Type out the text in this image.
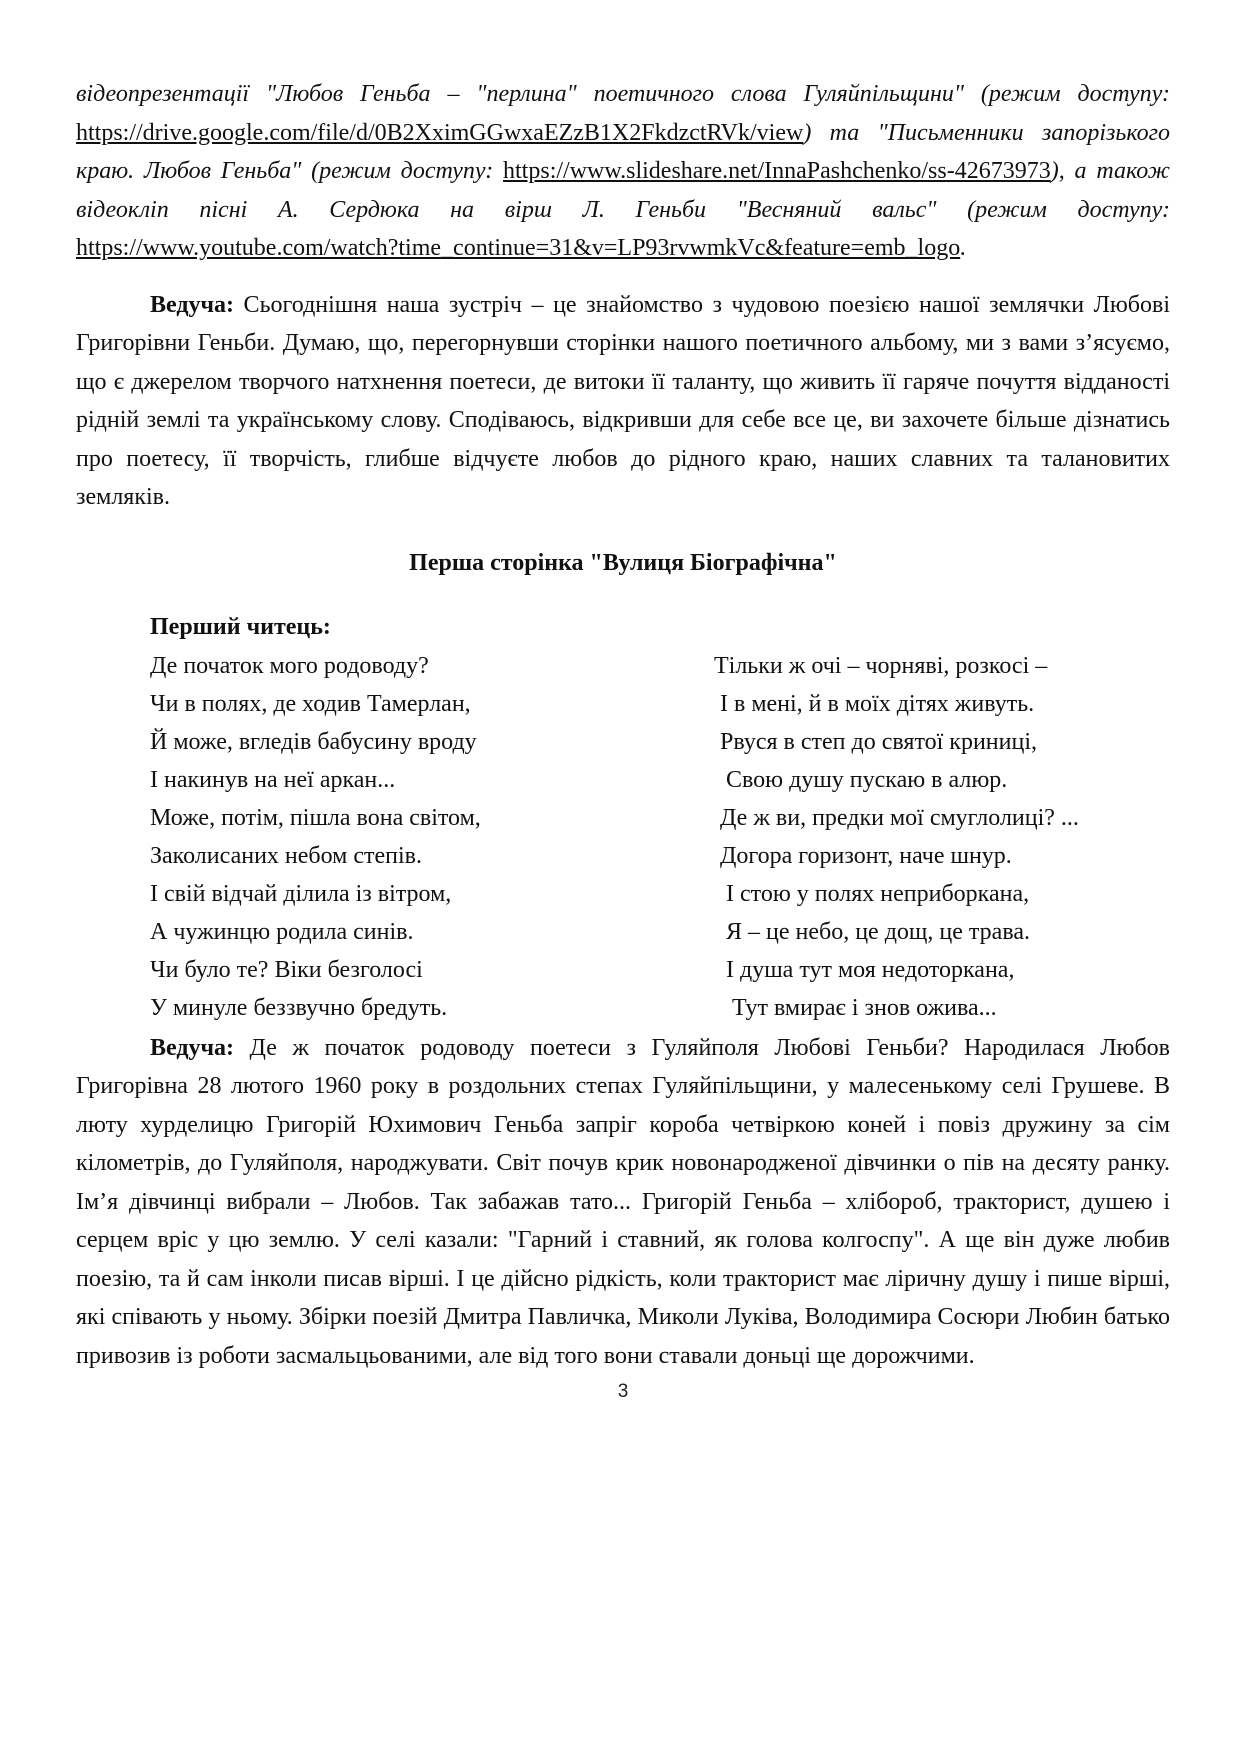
відеопрезентації "Любов Геньба – "перлина" поетичного слова Гуляйпільщини" (режим доступу: https://drive.google.com/file/d/0B2XximGGwxaEZzB1X2FkdzctRVk/view) та "Письменники запорізького краю. Любов Геньба" (режим доступу: https://www.slideshare.net/InnaPashchenko/ss-42673973), а також відеокліп пісні А. Сердюка на вірш Л. Геньби "Весняний вальс" (режим доступу: https://www.youtube.com/watch?time_continue=31&v=LP93rvwmkVc&feature=emb_logo.

Ведуча: Сьогоднішня наша зустріч – це знайомство з чудовою поезією нашої землячки Любові Григорівни Геньби. Думаю, що, перегорнувши сторінки нашого поетичного альбому, ми з вами з’ясуємо, що є джерелом творчого натхнення поетеси, де витоки її таланту, що живить її гаряче почуття відданості рідній землі та українському слову. Сподіваюсь, відкривши для себе все це, ви захочете більше дізнатись про поетесу, її творчість, глибше відчуєте любов до рідного краю, наших славних та талановитих земляків.

Перша сторінка "Вулиця Біографічна"
Перший читець:
Де початок мого родоводу?
Чи в полях, де ходив Тамерлан,
Й може, вгледів бабусину вроду
І накинув на неї аркан...
Може, потім, пішла вона світом,
Заколисаних небом степів.
І свій відчай ділила із вітром,
А чужинцю родила синів.
Чи було те? Віки безголосі
У минуле беззвучно бредуть.
Тільки ж очі – чорняві, розкосі –
І в мені, й в моїх дітях живуть.
Рвуся в степ до святої криниці,
Свою душу пускаю в алюр.
Де ж ви, предки мої смуглолиці? ...
Догора горизонт, наче шнур.
І стою у полях неприборкана,
Я – це небо, це дощ, це трава.
І душа тут моя недоторкана,
Тут вмирає і знов ожива...

Ведуча: Де ж початок родоводу поетеси з Гуляйполя Любові Геньби? Народилася Любов Григорівна 28 лютого 1960 року в роздольних степах Гуляйпільщини, у малесенькому селі Грушеве. В люту хурделицю Григорій Юхимович Геньба запріг короба четвіркою коней і повіз дружину за сім кілометрів, до Гуляйполя, народжувати. Світ почув крик новонародженої дівчинки о пів на десяту ранку. Ім’я дівчинці вибрали – Любов. Так забажав тато... Григорій Геньба – хлібороб, тракторист, душею і серцем вріс у цю землю. У селі казали: "Гарний і ставний, як голова колгоспу". А ще він дуже любив поезію, та й сам інколи писав вірші. І це дійсно рідкість, коли тракторист має ліричну душу і пише вірші, які співають у ньому. Збірки поезій Дмитра Павличка, Миколи Луківа, Володимира Сосюри Любин батько привозив із роботи засмальцьованими, але від того вони ставали доньці ще дорожчими.

3
